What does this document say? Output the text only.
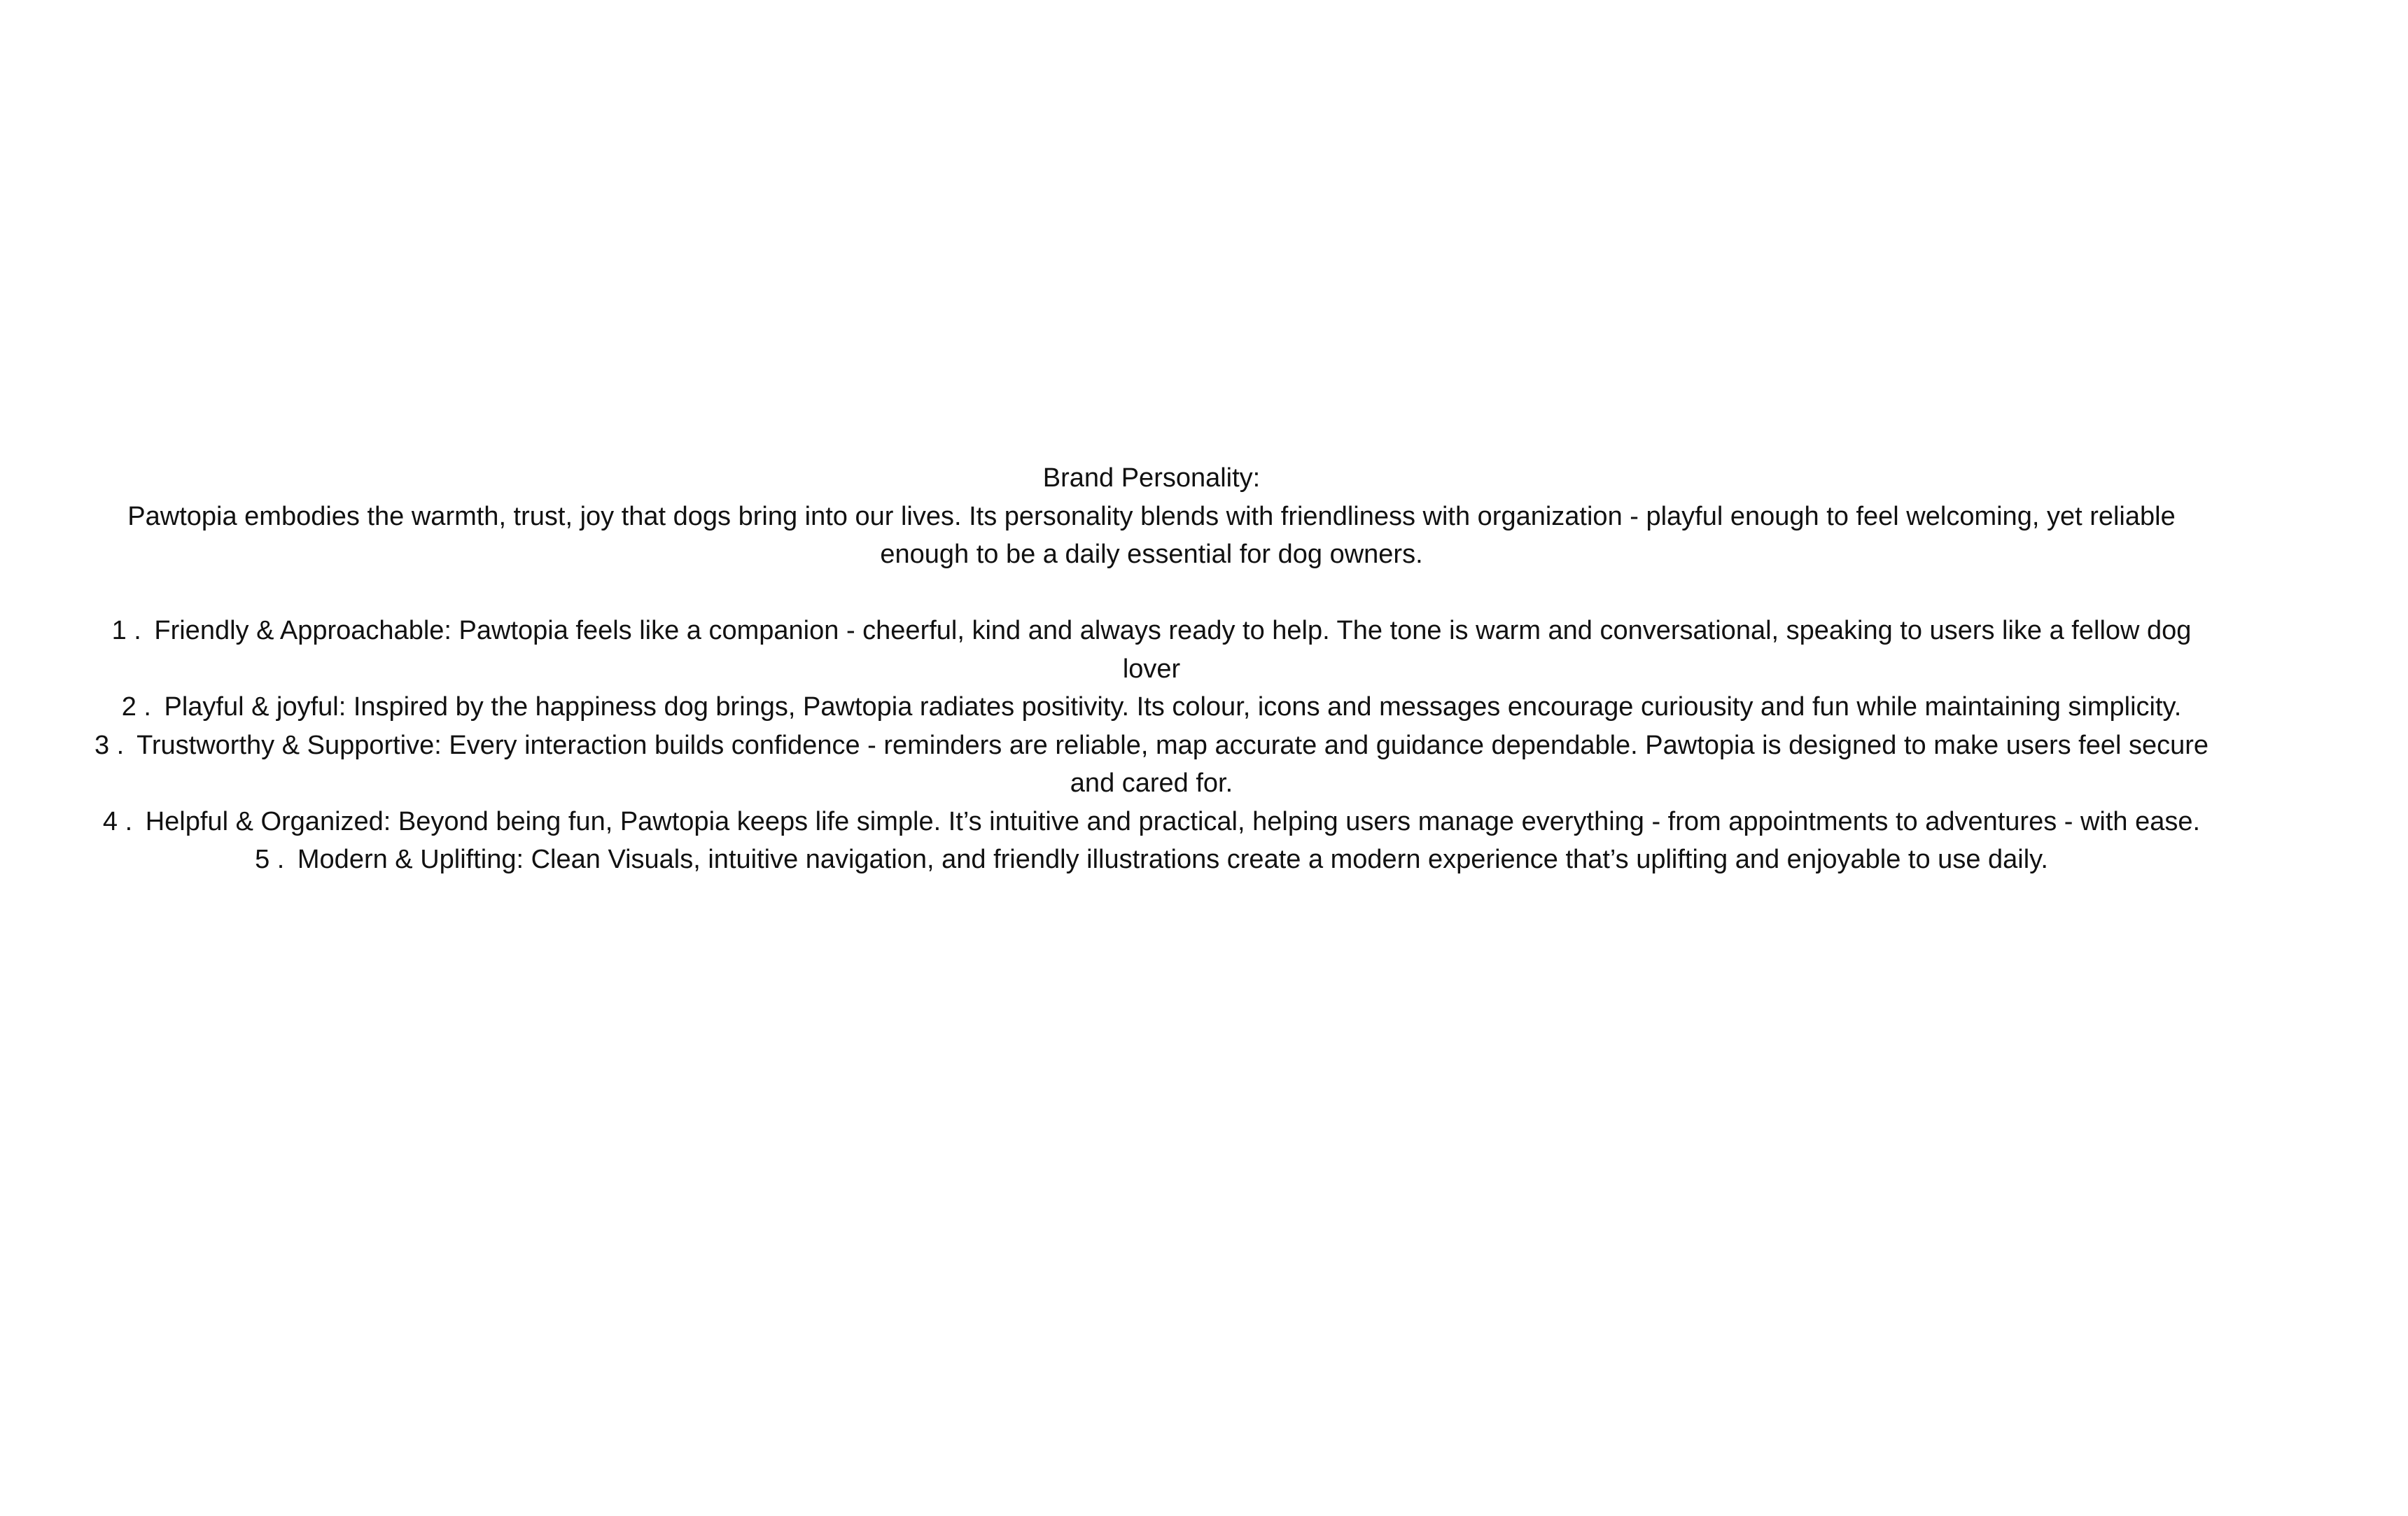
Brand Personality:

Pawtopia embodies the warmth, trust, joy that dogs bring into our lives. Its personality blends with friendliness with organization - playful enough to feel welcoming, yet reliable enough to be a daily essential for dog owners.

1 . Friendly & Approachable: Pawtopia feels like a companion - cheerful, kind and always ready to help. The tone is warm and conversational, speaking to users like a fellow dog lover

2 . Playful & joyful: Inspired by the happiness dog brings, Pawtopia radiates positivity. Its colour, icons and messages encourage curiousity and fun while maintaining simplicity.

3 . Trustworthy & Supportive: Every interaction builds confidence - reminders are reliable, map accurate and guidance dependable. Pawtopia is designed to make users feel secure and cared for.

4 . Helpful & Organized: Beyond being fun, Pawtopia keeps life simple. It’s intuitive and practical, helping users manage everything - from appointments to adventures - with ease.

5 . Modern & Uplifting: Clean Visuals, intuitive navigation, and friendly illustrations create a modern experience that’s uplifting and enjoyable to use daily.
